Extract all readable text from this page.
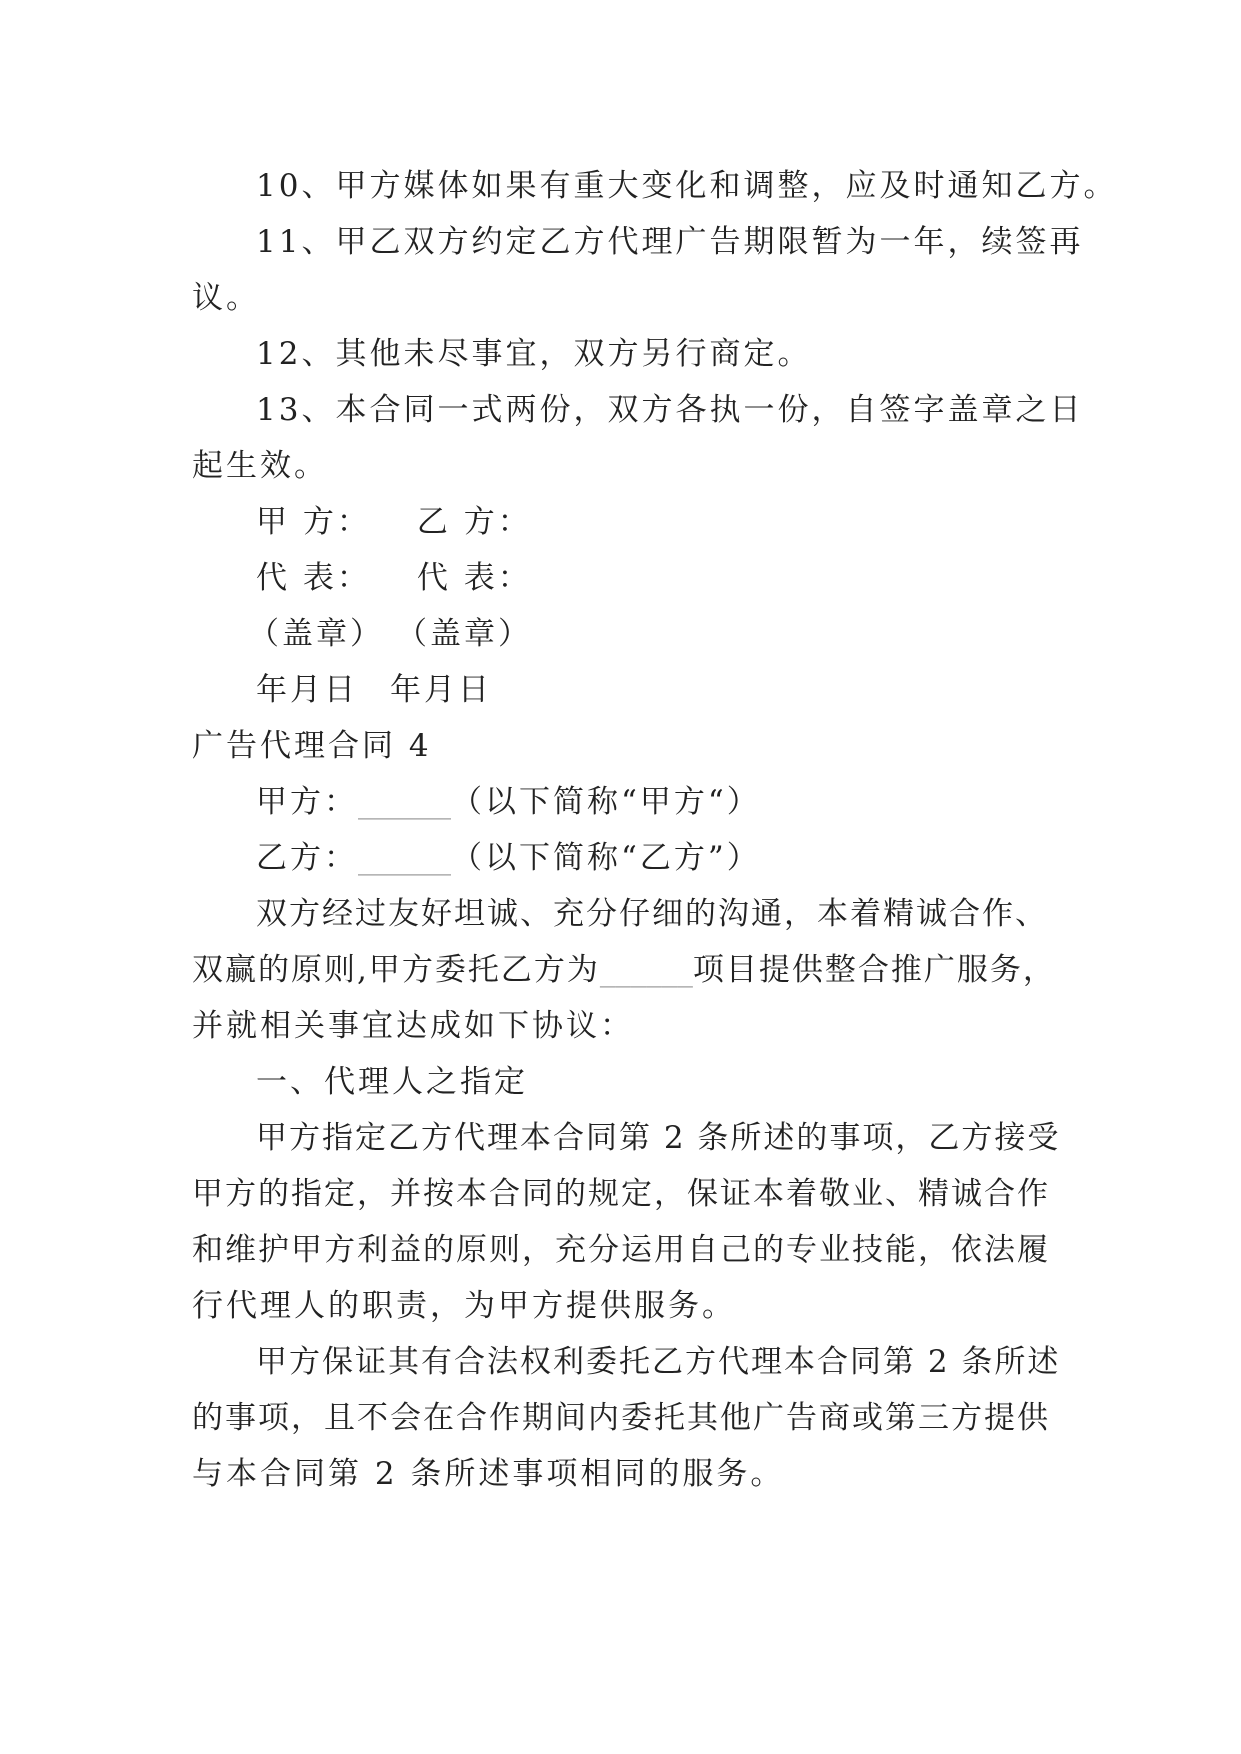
10、甲方媒体如果有重大变化和调整，应及时通知乙方。
11、甲乙双方约定乙方代理广告期限暂为一年，续签再
议。
12、其他未尽事宜，双方另行商定。
13、本合同一式两份，双方各执一份，自签字盖章之日
起生效。
甲 方： 乙 方：
代 表： 代 表：
（盖章） （盖章）
年月日 年月日
广告代理合同 4
甲方：______（以下简称“甲方“）
乙方：______（以下简称“乙方”）
双方经过友好坦诚、充分仔细的沟通，本着精诚合作、
双赢的原则,甲方委托乙方为______项目提供整合推广服务，
并就相关事宜达成如下协议：
一、代理人之指定
甲方指定乙方代理本合同第 2 条所述的事项，乙方接受
甲方的指定，并按本合同的规定，保证本着敬业、精诚合作
和维护甲方利益的原则，充分运用自己的专业技能，依法履
行代理人的职责，为甲方提供服务。
甲方保证其有合法权利委托乙方代理本合同第 2 条所述
的事项，且不会在合作期间内委托其他广告商或第三方提供
与本合同第 2 条所述事项相同的服务。
